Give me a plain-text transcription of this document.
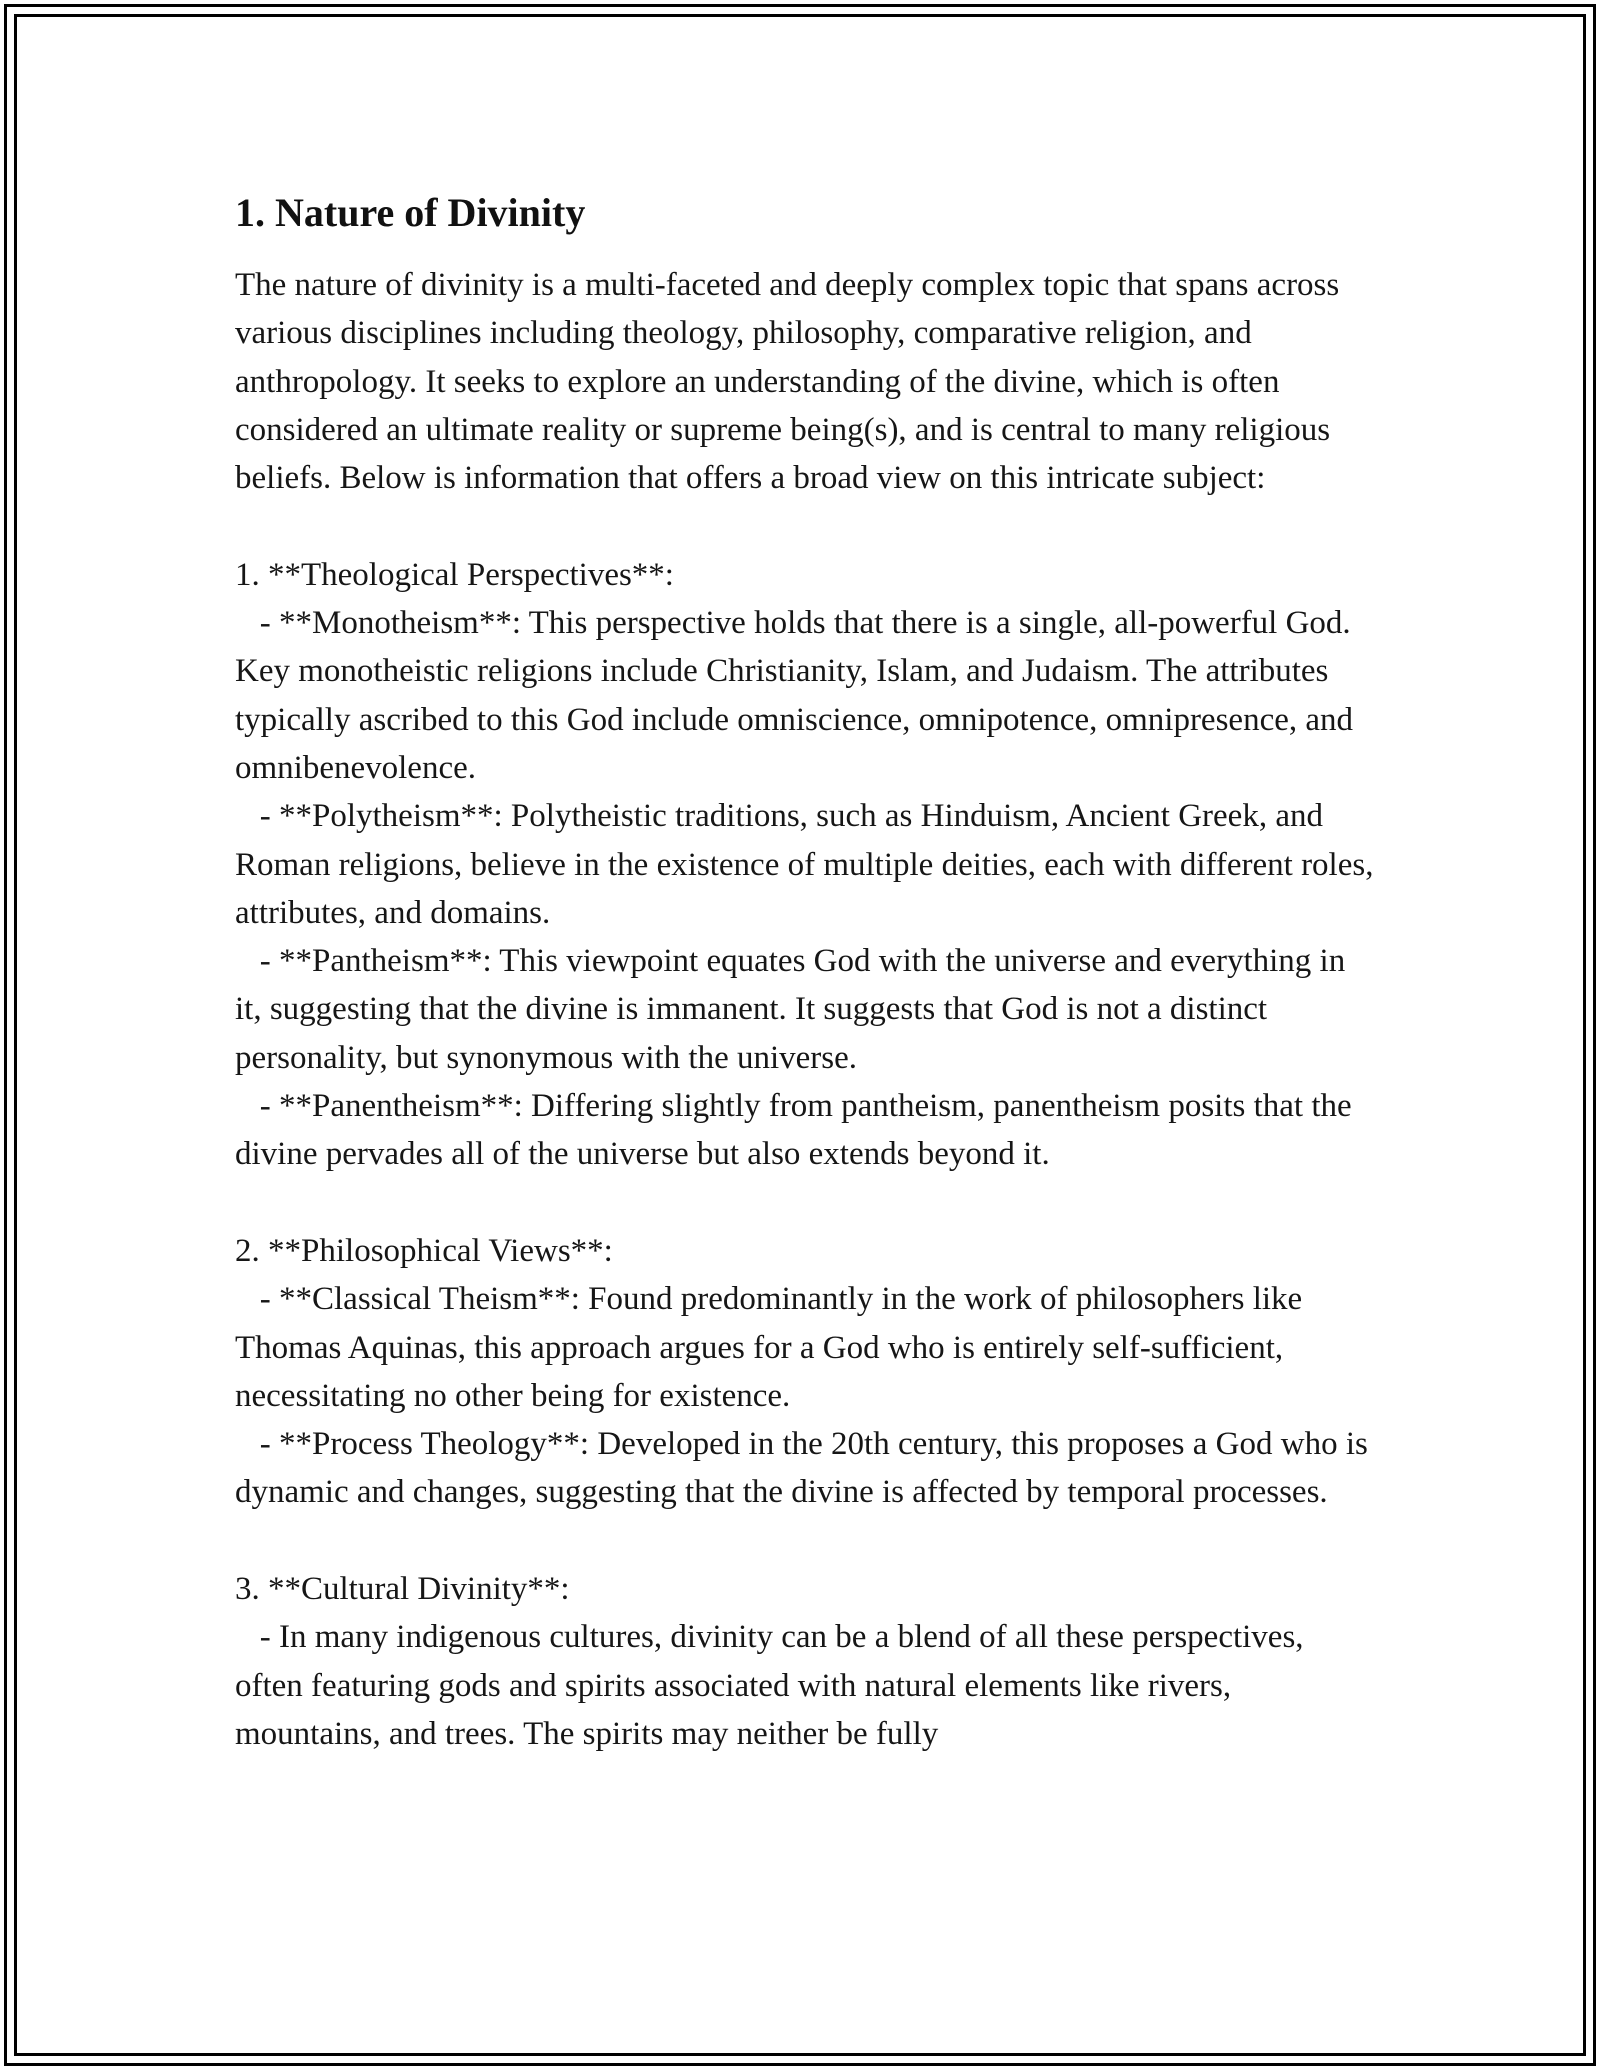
1. Nature of Divinity

The nature of divinity is a multi-faceted and deeply complex topic that spans across various disciplines including theology, philosophy, comparative religion, and anthropology. It seeks to explore an understanding of the divine, which is often considered an ultimate reality or supreme being(s), and is central to many religious beliefs. Below is information that offers a broad view on this intricate subject:

1. **Theological Perspectives**:
- **Monotheism**: This perspective holds that there is a single, all-powerful God. Key monotheistic religions include Christianity, Islam, and Judaism. The attributes typically ascribed to this God include omniscience, omnipotence, omnipresence, and omnibenevolence.
- **Polytheism**: Polytheistic traditions, such as Hinduism, Ancient Greek, and Roman religions, believe in the existence of multiple deities, each with different roles, attributes, and domains.
- **Pantheism**: This viewpoint equates God with the universe and everything in it, suggesting that the divine is immanent. It suggests that God is not a distinct personality, but synonymous with the universe.
- **Panentheism**: Differing slightly from pantheism, panentheism posits that the divine pervades all of the universe but also extends beyond it.

2. **Philosophical Views**:
- **Classical Theism**: Found predominantly in the work of philosophers like Thomas Aquinas, this approach argues for a God who is entirely self-sufficient, necessitating no other being for existence.
- **Process Theology**: Developed in the 20th century, this proposes a God who is dynamic and changes, suggesting that the divine is affected by temporal processes.

3. **Cultural Divinity**:
- In many indigenous cultures, divinity can be a blend of all these perspectives, often featuring gods and spirits associated with natural elements like rivers, mountains, and trees. The spirits may neither be fully
